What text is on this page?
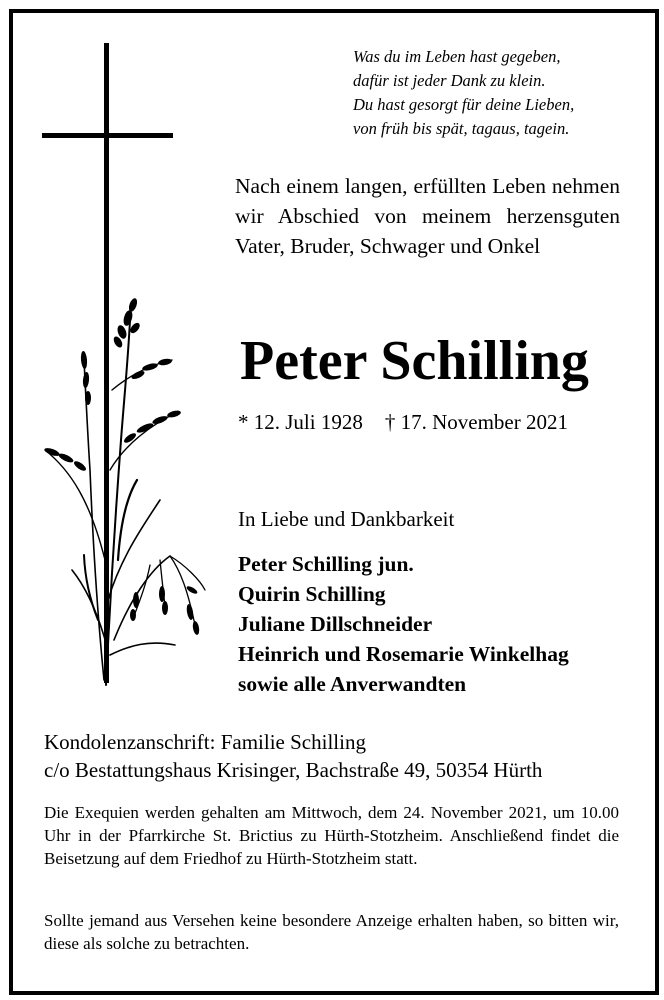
Was du im Leben hast gegeben,
dafür ist jeder Dank zu klein.
Du hast gesorgt für deine Lieben,
von früh bis spät, tagaus, tagein.
Nach einem langen, erfüllten Leben nehmen wir Abschied von meinem herzensguten Vater, Bruder, Schwager und Onkel
Peter Schilling
* 12. Juli 1928 † 17. November 2021
In Liebe und Dankbarkeit
Peter Schilling jun.
Quirin Schilling
Juliane Dillschneider
Heinrich und Rosemarie Winkelhag
sowie alle Anverwandten
Kondolenzanschrift: Familie Schilling
c/o Bestattungshaus Krisinger, Bachstraße 49, 50354 Hürth
Die Exequien werden gehalten am Mittwoch, dem 24. November 2021, um 10.00 Uhr in der Pfarrkirche St. Brictius zu Hürth-Stotzheim. Anschließend findet die Beisetzung auf dem Friedhof zu Hürth-Stotzheim statt.
Sollte jemand aus Versehen keine besondere Anzeige erhalten haben, so bitten wir, diese als solche zu betrachten.
